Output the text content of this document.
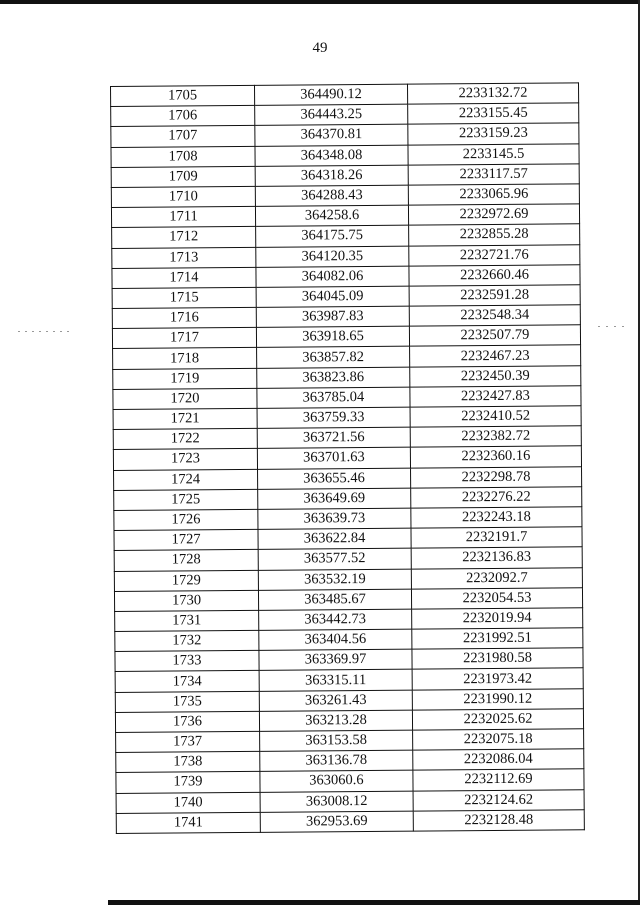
49
1705	364490.12	2233132.72
1706	364443.25	2233155.45
1707	364370.81	2233159.23
1708	364348.08	2233145.5
1709	364318.26	2233117.57
1710	364288.43	2233065.96
1711	364258.6	2232972.69
1712	364175.75	2232855.28
1713	364120.35	2232721.76
1714	364082.06	2232660.46
1715	364045.09	2232591.28
1716	363987.83	2232548.34
1717	363918.65	2232507.79
1718	363857.82	2232467.23
1719	363823.86	2232450.39
1720	363785.04	2232427.83
1721	363759.33	2232410.52
1722	363721.56	2232382.72
1723	363701.63	2232360.16
1724	363655.46	2232298.78
1725	363649.69	2232276.22
1726	363639.73	2232243.18
1727	363622.84	2232191.7
1728	363577.52	2232136.83
1729	363532.19	2232092.7
1730	363485.67	2232054.53
1731	363442.73	2232019.94
1732	363404.56	2231992.51
1733	363369.97	2231980.58
1734	363315.11	2231973.42
1735	363261.43	2231990.12
1736	363213.28	2232025.62
1737	363153.58	2232075.18
1738	363136.78	2232086.04
1739	363060.6	2232112.69
1740	363008.12	2232124.62
1741	362953.69	2232128.48
